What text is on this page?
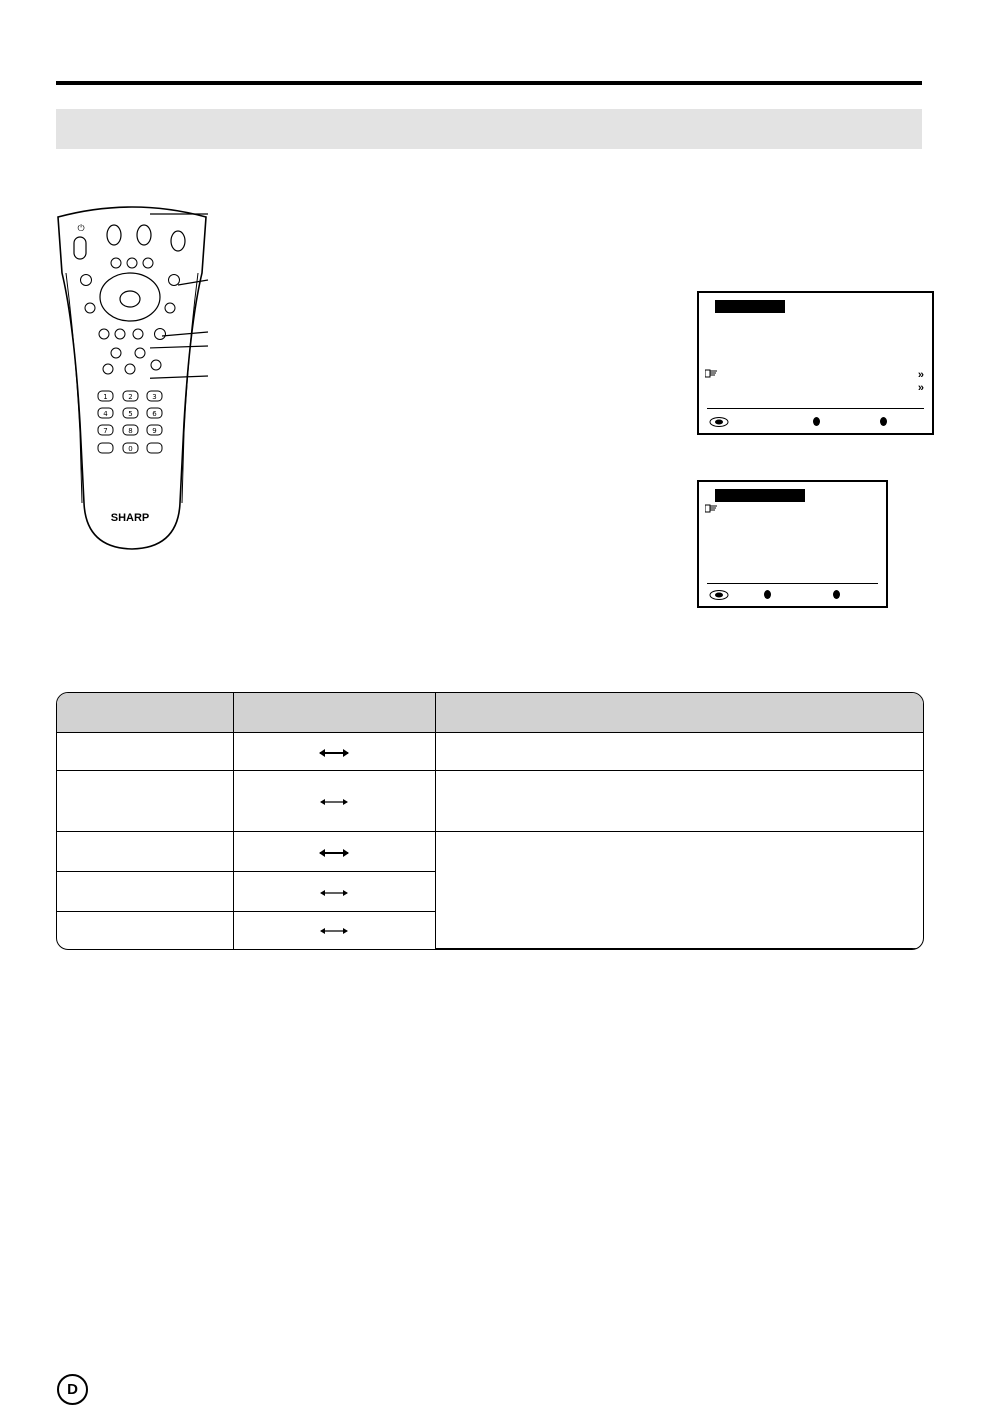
⏻
1	2	3
4	5	6
7	8	9
0
SHARP
»
»

D
